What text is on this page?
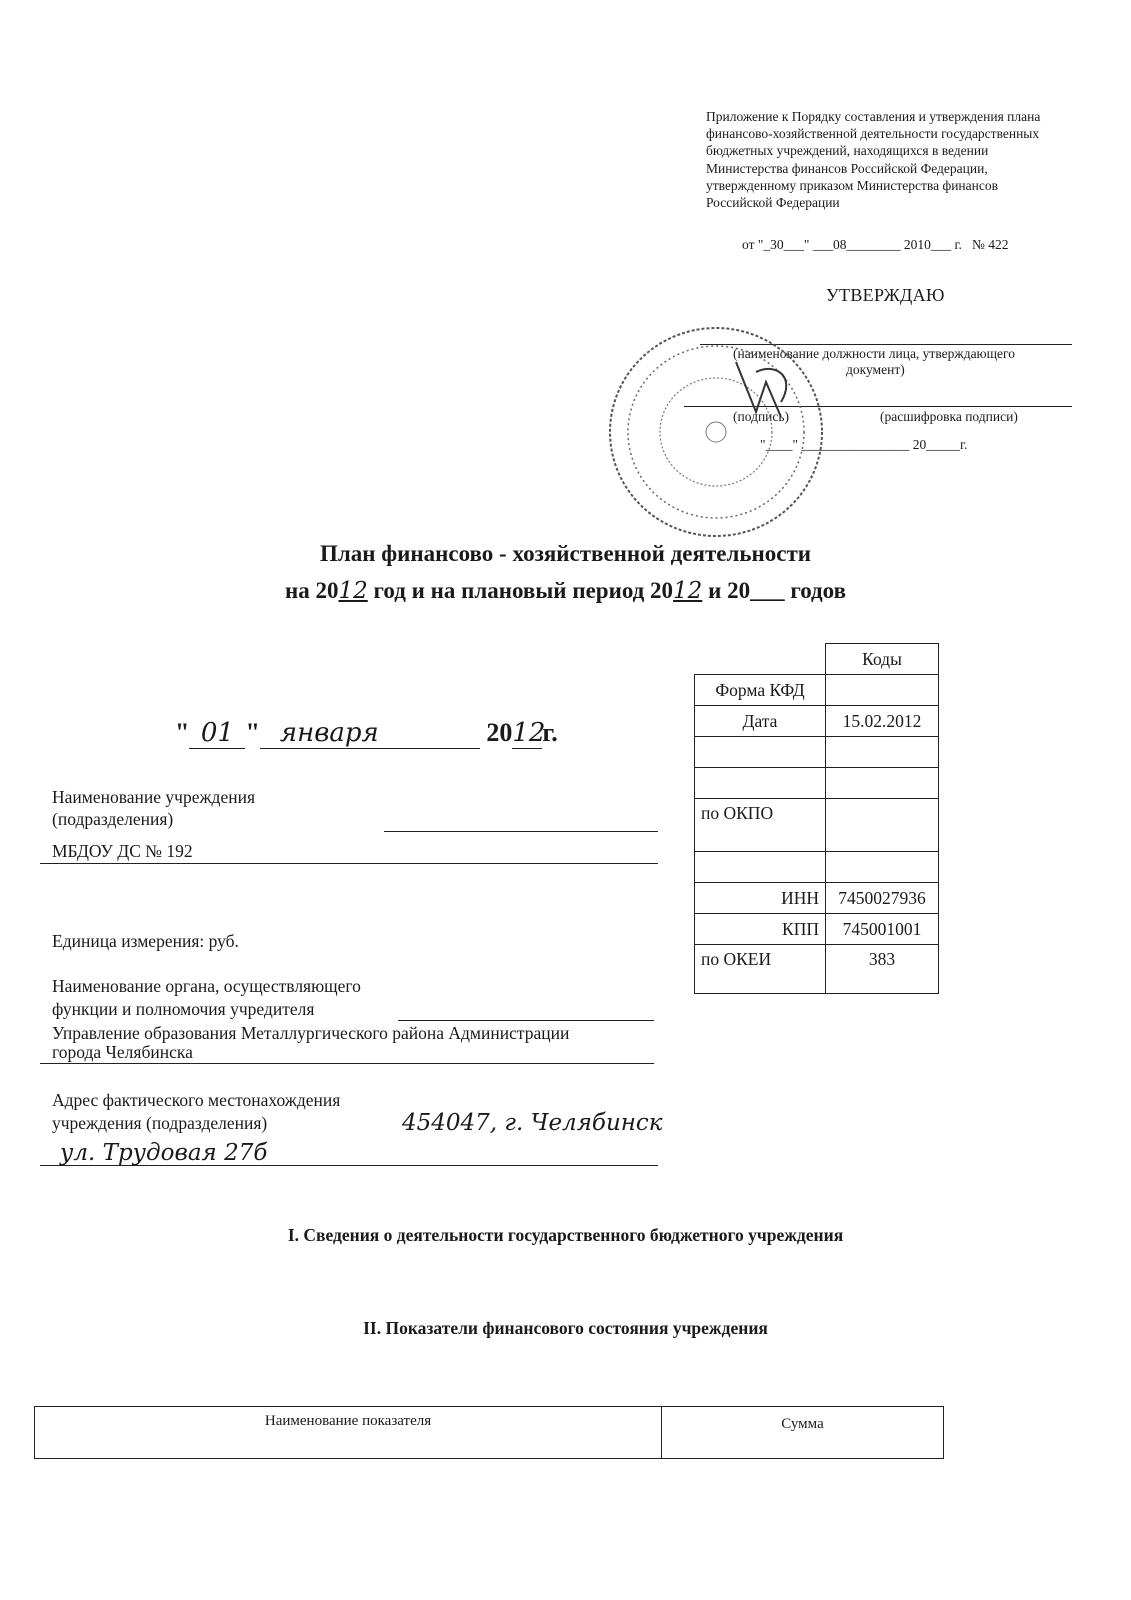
Приложение к Порядку составления и утверждения плана
финансово-хозяйственной деятельности государственных
бюджетных учреждений, находящихся в ведении
Министерства финансов Российской Федерации,
утвержденному приказом Министерства финансов
Российской Федерации
от "_30___" ___08________ 2010___ г.   № 422
УТВЕРЖДАЮ
(наименование должности лица, утверждающего
документ)
(подпись)	(расшифровка подписи)
"____" ________________ 20_____г.
План финансово - хозяйственной деятельности
на 2012 год и на плановый период 2012 и 20___ годов

" 01 " января	2012г.

	Коды
Форма КФД	
Дата	15.02.2012

по ОКПО	

ИНН	7450027936
КПП	745001001
по ОКЕИ	383
Наименование учреждения
(подразделения)
МБДОУ ДС № 192
Единица измерения: руб.
Наименование органа, осуществляющего
функции и полномочия учредителя
Управление образования Металлургического района Администрации
города Челябинска
Адрес фактического местонахождения
учреждения (подразделения)	454047, г. Челябинск
ул. Трудовая 27б
I. Сведения о деятельности государственного бюджетного учреждения
II. Показатели финансового состояния учреждения
Наименование показателя	Сумма
